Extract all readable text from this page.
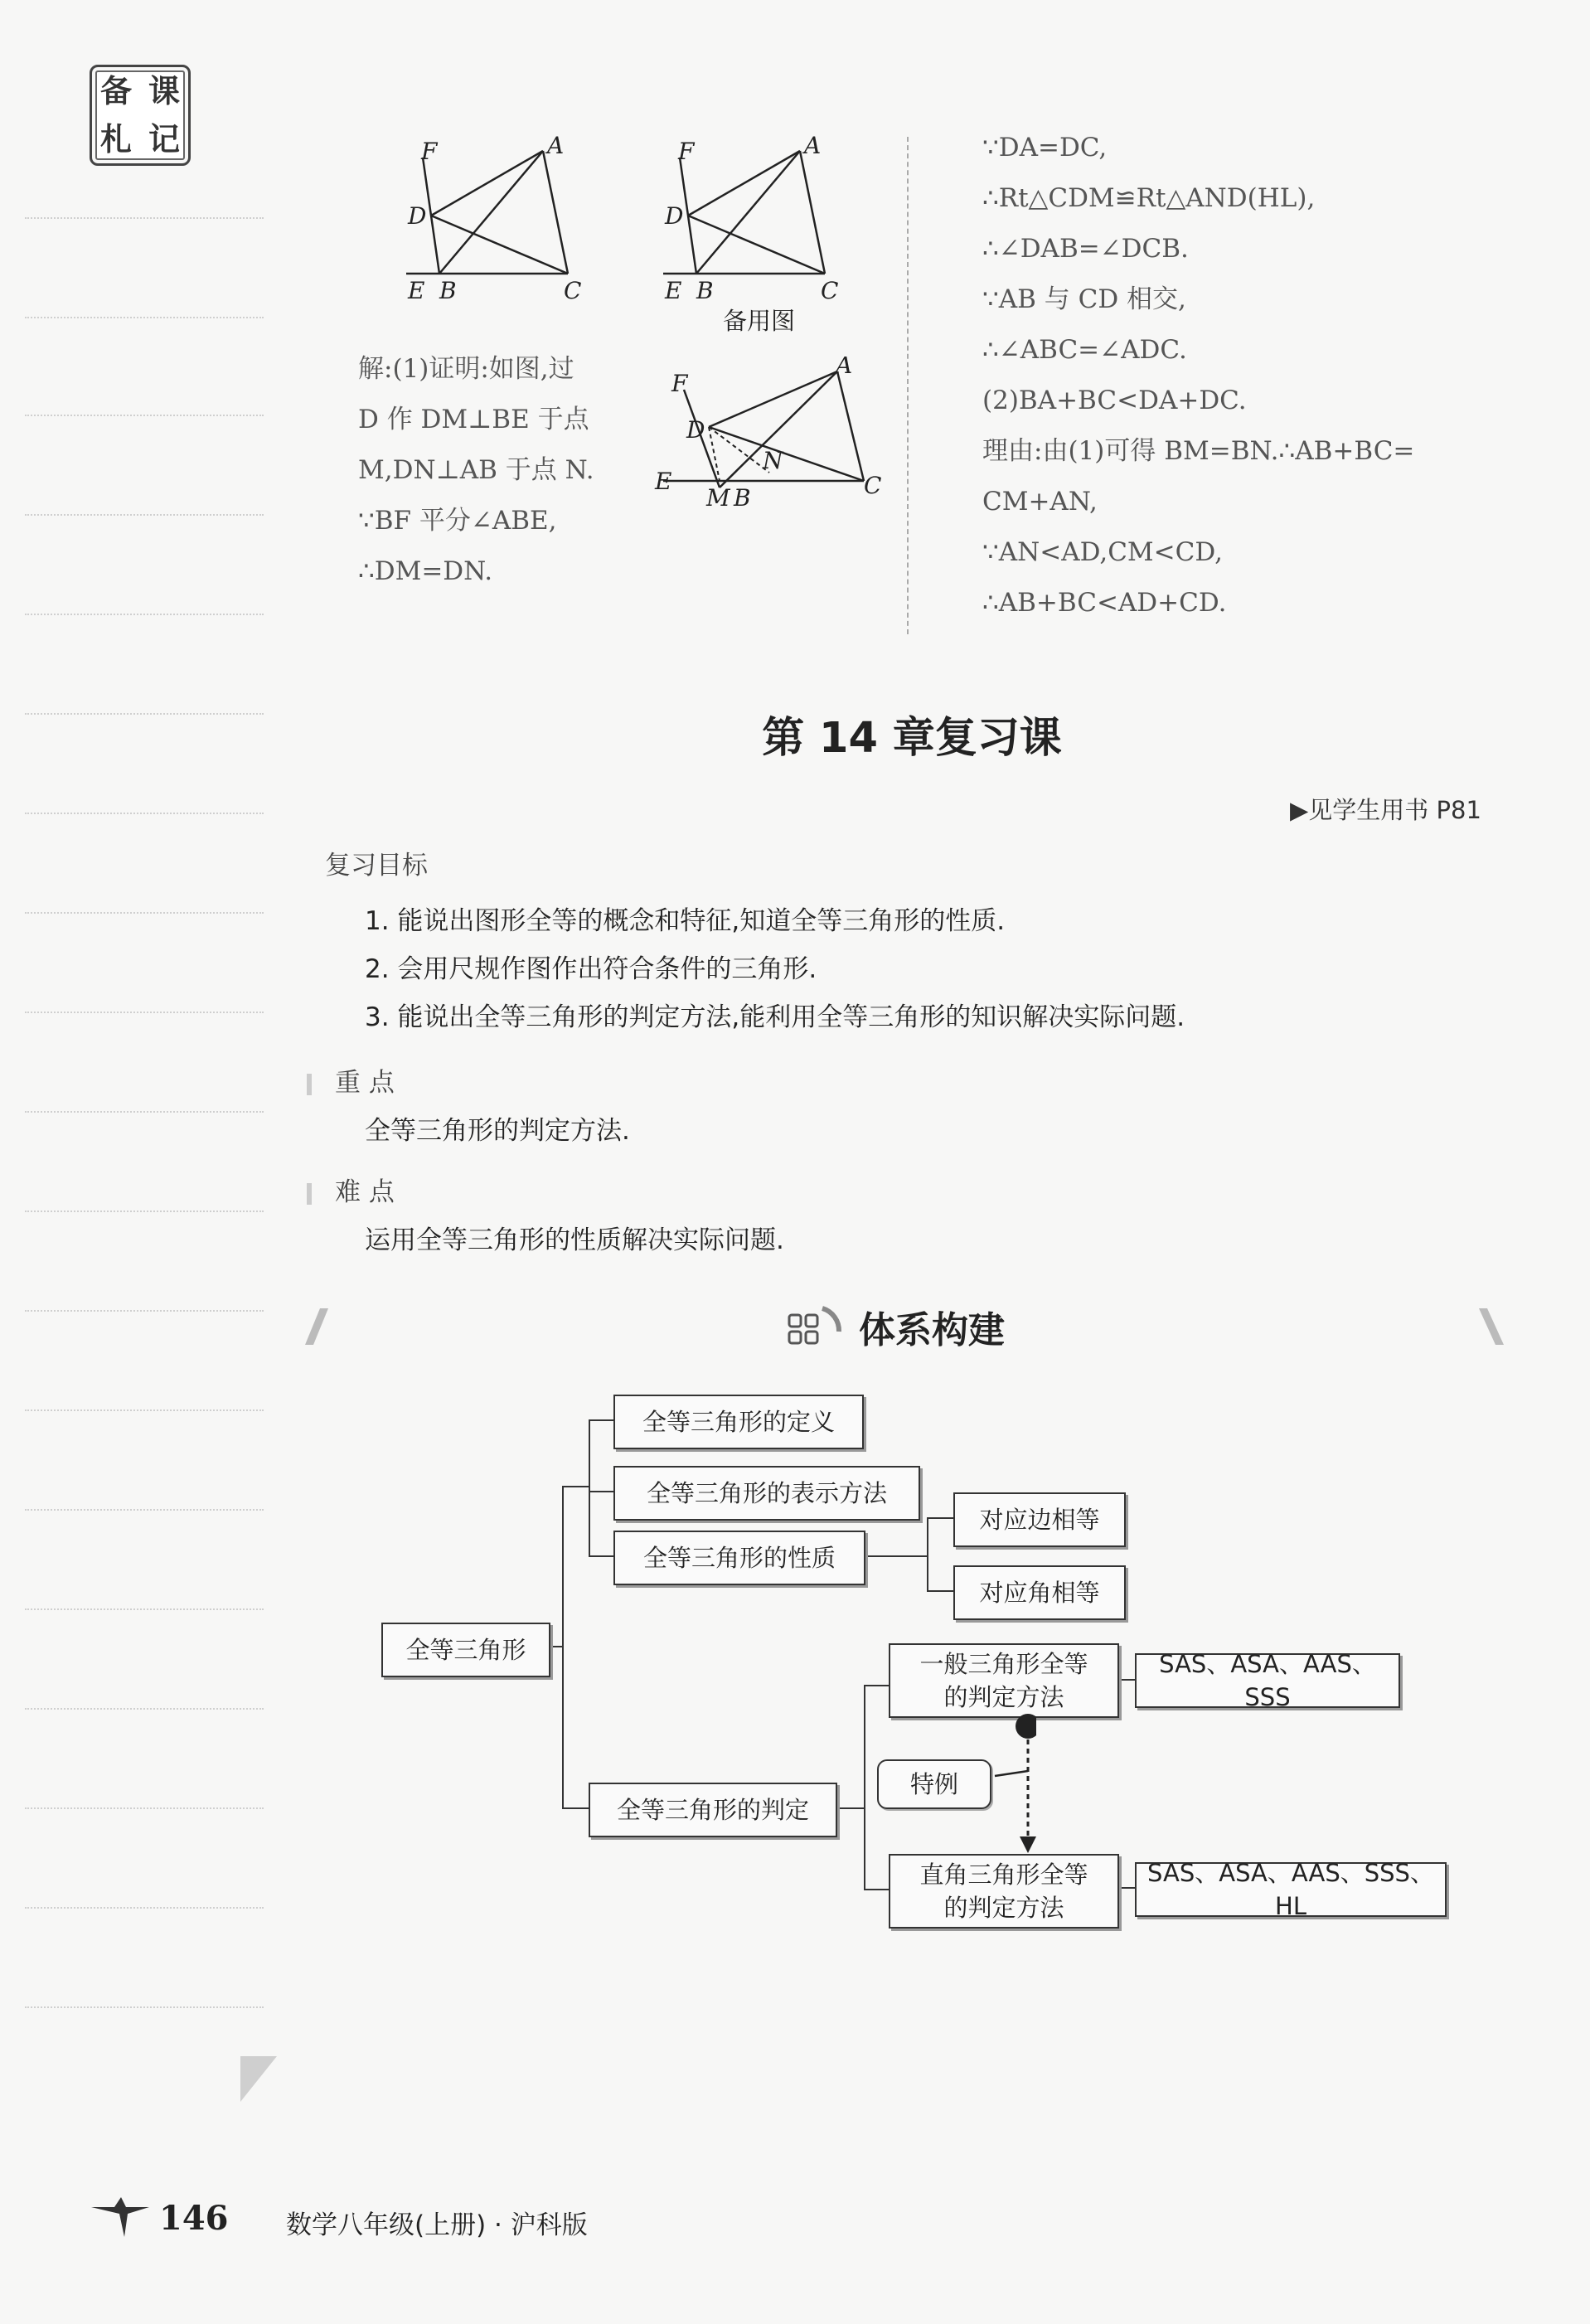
备 课
札 记	F	A
D
E B	C
F	A
D
E B	C
备用图
解:(1)证明:如图,过
D 作 DM⊥BE 于点
M,DN⊥AB 于点 N.
∵BF 平分∠ABE,
∴DM=DN.
F
A
D
N
E
M B	C
∵DA=DC,
∴Rt△CDM≌Rt△AND(HL),
∴∠DAB=∠DCB.
∵AB 与 CD 相交,
∴∠ABC=∠ADC.
(2)BA+BC<DA+DC.
理由:由(1)可得 BM=BN.∴AB+BC=
CM+AN,
∵AN<AD,CM<CD,
∴AB+BC<AD+CD.
第 14 章复习课
▶见学生用书 P81
复习目标
1. 能说出图形全等的概念和特征,知道全等三角形的性质.
2. 会用尺规作图作出符合条件的三角形.
3. 能说出全等三角形的判定方法,能利用全等三角形的知识解决实际问题.
重 点
全等三角形的判定方法.
难 点
运用全等三角形的性质解决实际问题.
体系构建
全等三角形
全等三角形的定义
全等三角形的表示方法
全等三角形的性质
对应边相等
对应角相等
全等三角形的判定
一般三角形全等
的判定方法
SAS、ASA、AAS、SSS
直角三角形全等
的判定方法
SAS、ASA、AAS、SSS、HL
特例
146 数学八年级(上册) · 沪科版
